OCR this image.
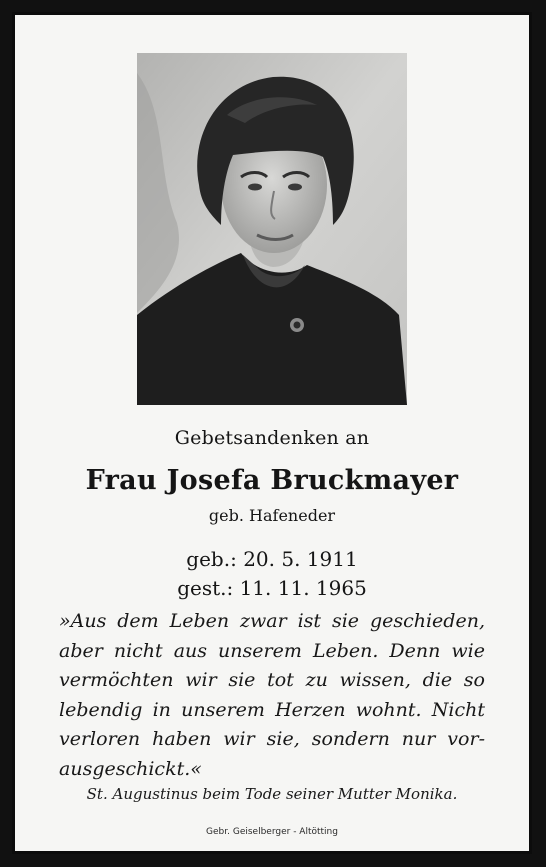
Gebetsandenken an
Frau Josefa Bruckmayer
geb. Hafeneder
geb.: 20. 5. 1911
gest.: 11. 11. 1965
»Aus dem Leben zwar ist sie geschieden,
aber nicht aus unserem Leben. Denn wie
vermöchten wir sie tot zu wissen, die so
lebendig in unserem Herzen wohnt. Nicht
verloren haben wir sie, sondern nur vor-
ausgeschickt.«
St. Augustinus beim Tode seiner Mutter Monika.
Gebr. Geiselberger - Altötting
